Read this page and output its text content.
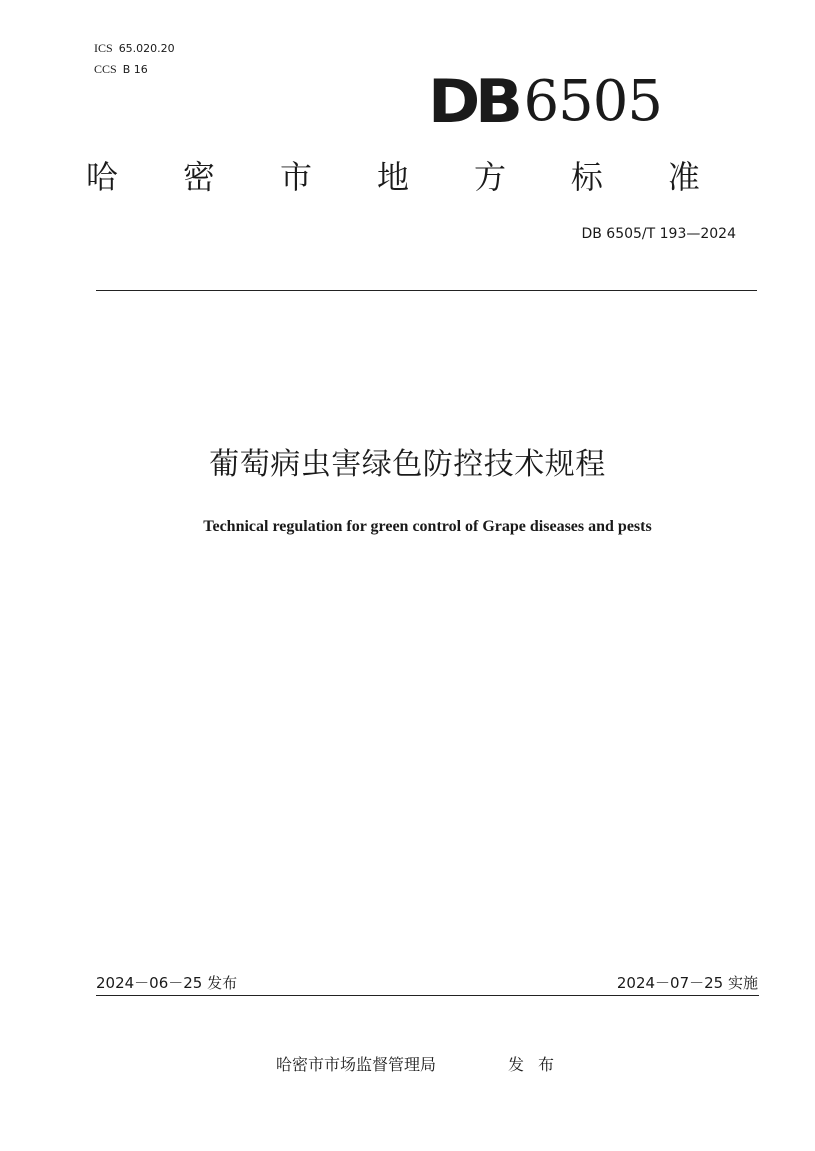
ICS 65.020.20
CCS B 16	DB 6505
哈 密 市 地 方 标 准
DB 6505/T 193—2024
葡萄病虫害绿色防控技术规程
Technical regulation for green control of Grape diseases and pests
2024－06－25 发布	2024－07－25 实施
哈密市市场监督管理局	发布
